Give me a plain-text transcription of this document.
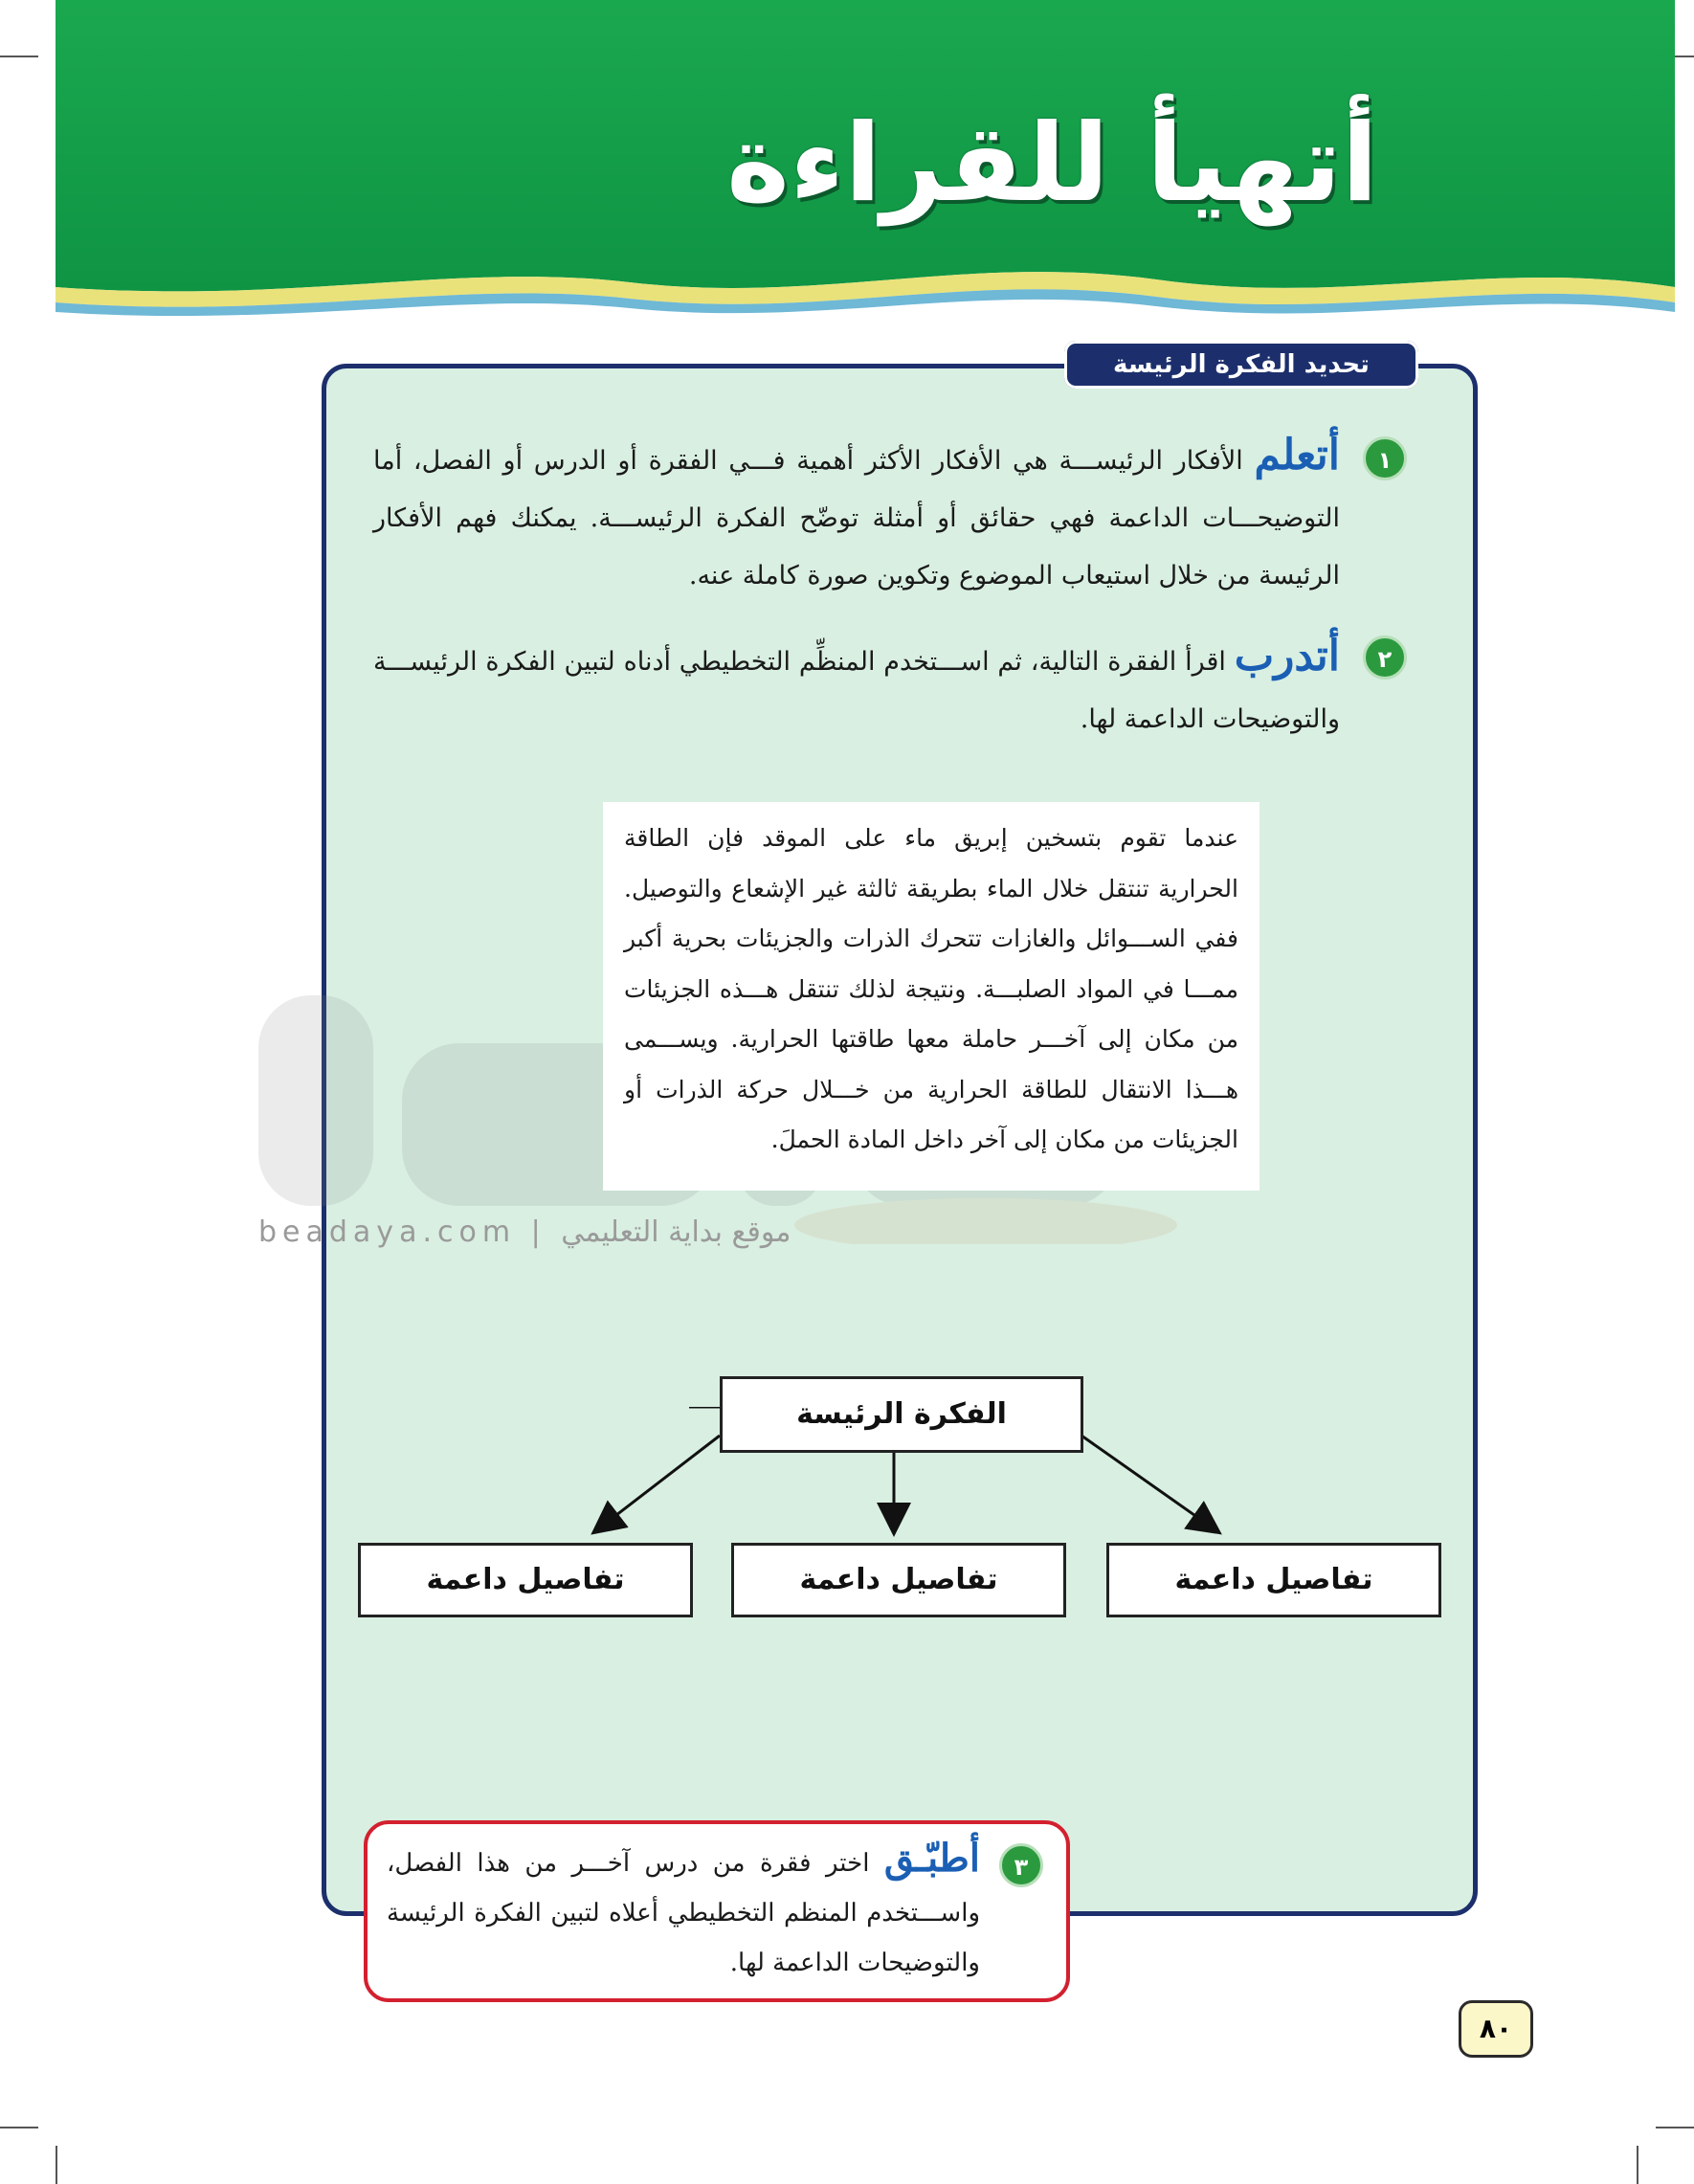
أتهيأ للقراءة
تحديد الفكرة الرئيسة
١
أتعلم الأفكار الرئيســـة هي الأفكار الأكثر أهمية فـــي الفقرة أو الدرس أو الفصل، أما التوضيحـــات الداعمة فهي حقائق أو أمثلة توضّح الفكرة الرئيســـة. يمكنك فهم الأفكار الرئيسة من خلال استيعاب الموضوع وتكوين صورة كاملة عنه.
٢
أتدرب اقرأ الفقرة التالية، ثم اســـتخدم المنظِّم التخطيطي أدناه لتبين الفكرة الرئيســـة والتوضيحات الداعمة لها.
beadaya.com | موقع بداية التعليمي
عندما تقوم بتسخين إبريق ماء على الموقد فإن الطاقة الحرارية تنتقل خلال الماء بطريقة ثالثة غير الإشعاع والتوصيل. ففي الســـوائل والغازات تتحرك الذرات والجزيئات بحرية أكبر ممـــا في المواد الصلبـــة. ونتيجة لذلك تنتقل هـــذه الجزيئات من مكان إلى آخـــر حاملة معها طاقتها الحرارية. ويســـمى هـــذا الانتقال للطاقة الحرارية من خـــلال حركة الذرات أو الجزيئات من مكان إلى آخر داخل المادة الحملَ.
الفكرة الرئيسة
تفاصيل داعمة
تفاصيل داعمة
تفاصيل داعمة
٣
أطبّـق اختر فقرة من درس آخـــر من هذا الفصل، واســـتخدم المنظم التخطيطي أعلاه لتبين الفكرة الرئيسة والتوضيحات الداعمة لها.
٨٠
